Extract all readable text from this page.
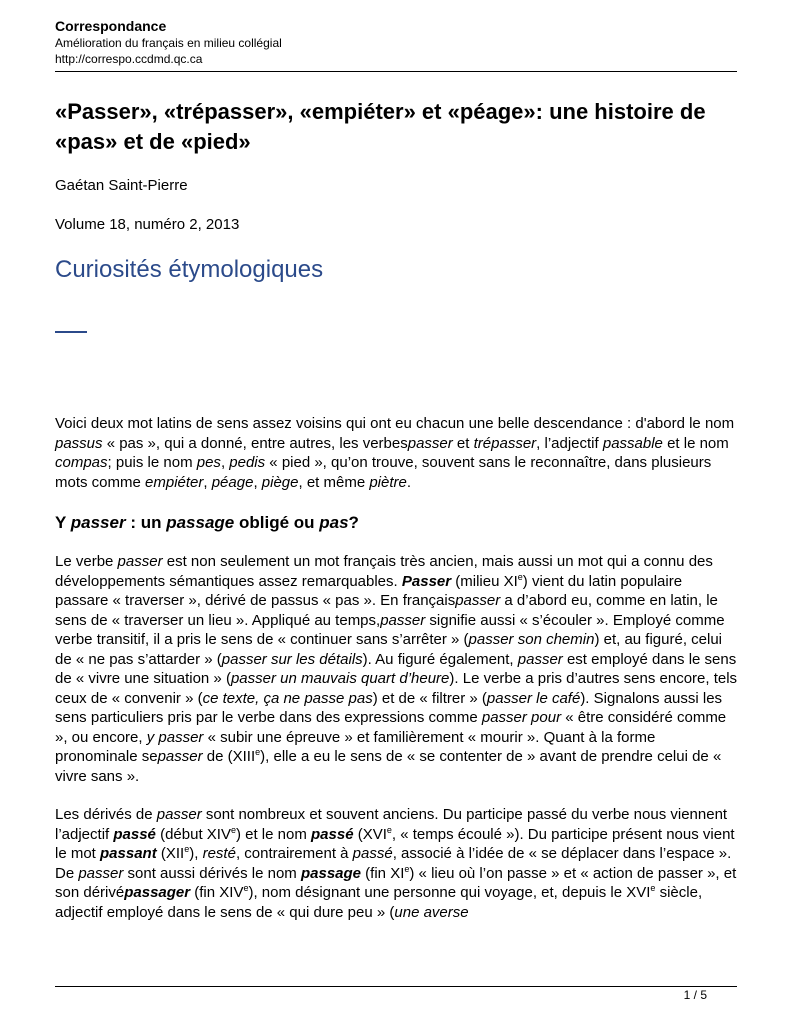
Correspondance
Amélioration du français en milieu collégial
http://correspo.ccdmd.qc.ca
«Passer», «trépasser», «empiéter» et «péage»: une histoire de «pas» et de «pied»
Gaétan Saint-Pierre
Volume 18, numéro 2, 2013
Curiosités étymologiques

Voici deux mot latins de sens assez voisins qui ont eu chacun une belle descendance : d'abord le nom passus « pas », qui a donné, entre autres, les verbespasser et trépasser, l’adjectif passable et le nom compas; puis le nom pes, pedis « pied », qu’on trouve, souvent sans le reconnaître, dans plusieurs mots comme empiéter, péage, piège, et même piètre.

Y passer : un passage obligé ou pas?

Le verbe passer est non seulement un mot français très ancien, mais aussi un mot qui a connu des développements sémantiques assez remarquables. Passer (milieu XIe) vient du latin populaire passare « traverser », dérivé de passus « pas ». En françaispasser a d’abord eu, comme en latin, le sens de « traverser un lieu ». Appliqué au temps,passer signifie aussi « s’écouler ». Employé comme verbe transitif, il a pris le sens de « continuer sans s’arrêter » (passer son chemin) et, au figuré, celui de « ne pas s’attarder » (passer sur les détails). Au figuré également, passer est employé dans le sens de « vivre une situation » (passer un mauvais quart d’heure). Le verbe a pris d’autres sens encore, tels ceux de « convenir » (ce texte, ça ne passe pas) et de « filtrer » (passer le café). Signalons aussi les sens particuliers pris par le verbe dans des expressions comme passer pour « être considéré comme », ou encore, y passer « subir une épreuve » et familièrement « mourir ». Quant à la forme pronominale sepasser de (XIIIe), elle a eu le sens de « se contenter de » avant de prendre celui de « vivre sans ».

Les dérivés de passer sont nombreux et souvent anciens. Du participe passé du verbe nous viennent l’adjectif passé (début XIVe) et le nom passé (XVIe, « temps écoulé »). Du participe présent nous vient le mot passant (XIIe), resté, contrairement à passé, associé à l’idée de « se déplacer dans l’espace ». De passer sont aussi dérivés le nom passage (fin XIe) « lieu où l’on passe » et « action de passer », et son dérivépassager (fin XIVe), nom désignant une personne qui voyage, et, depuis le XVIe siècle, adjectif employé dans le sens de « qui dure peu » (une averse

1 / 5
